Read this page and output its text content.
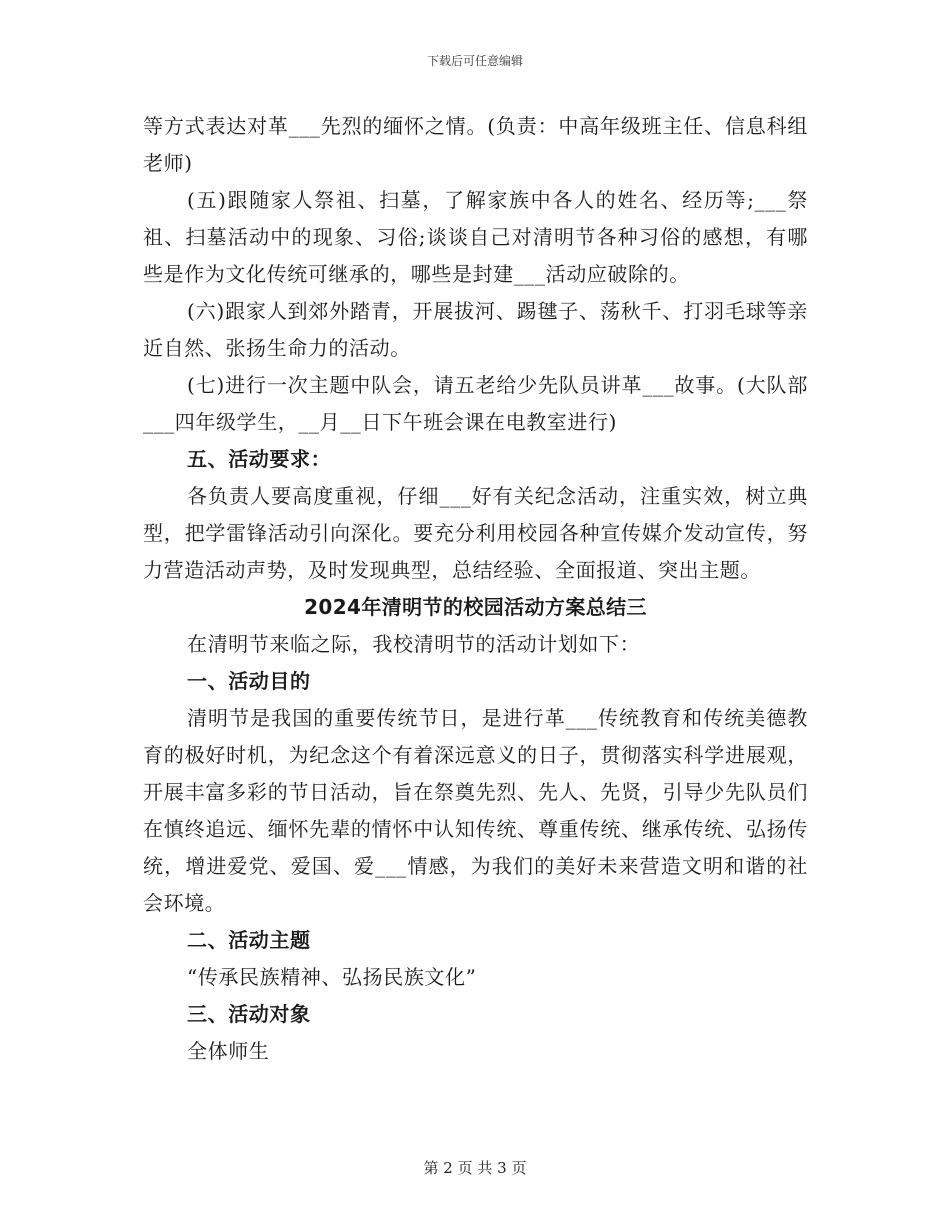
下载后可任意编辑

等方式表达对革___先烈的缅怀之情。(负责：中高年级班主任、信息科组老师)

(五)跟随家人祭祖、扫墓，了解家族中各人的姓名、经历等;___祭祖、扫墓活动中的现象、习俗;谈谈自己对清明节各种习俗的感想，有哪些是作为文化传统可继承的，哪些是封建___活动应破除的。

(六)跟家人到郊外踏青，开展拔河、踢毽子、荡秋千、打羽毛球等亲近自然、张扬生命力的活动。

(七)进行一次主题中队会，请五老给少先队员讲革___故事。(大队部___四年级学生，__月__日下午班会课在电教室进行)

五、活动要求：

各负责人要高度重视，仔细___好有关纪念活动，注重实效，树立典型，把学雷锋活动引向深化。要充分利用校园各种宣传媒介发动宣传，努力营造活动声势，及时发现典型，总结经验、全面报道、突出主题。

2024年清明节的校园活动方案总结三

在清明节来临之际，我校清明节的活动计划如下：

一、活动目的

清明节是我国的重要传统节日，是进行革___传统教育和传统美德教育的极好时机，为纪念这个有着深远意义的日子，贯彻落实科学进展观，开展丰富多彩的节日活动，旨在祭奠先烈、先人、先贤，引导少先队员们在慎终追远、缅怀先辈的情怀中认知传统、尊重传统、继承传统、弘扬传统，增进爱党、爱国、爱___情感，为我们的美好未来营造文明和谐的社会环境。

二、活动主题

“传承民族精神、弘扬民族文化”

三、活动对象

全体师生

第 2 页 共 3 页
